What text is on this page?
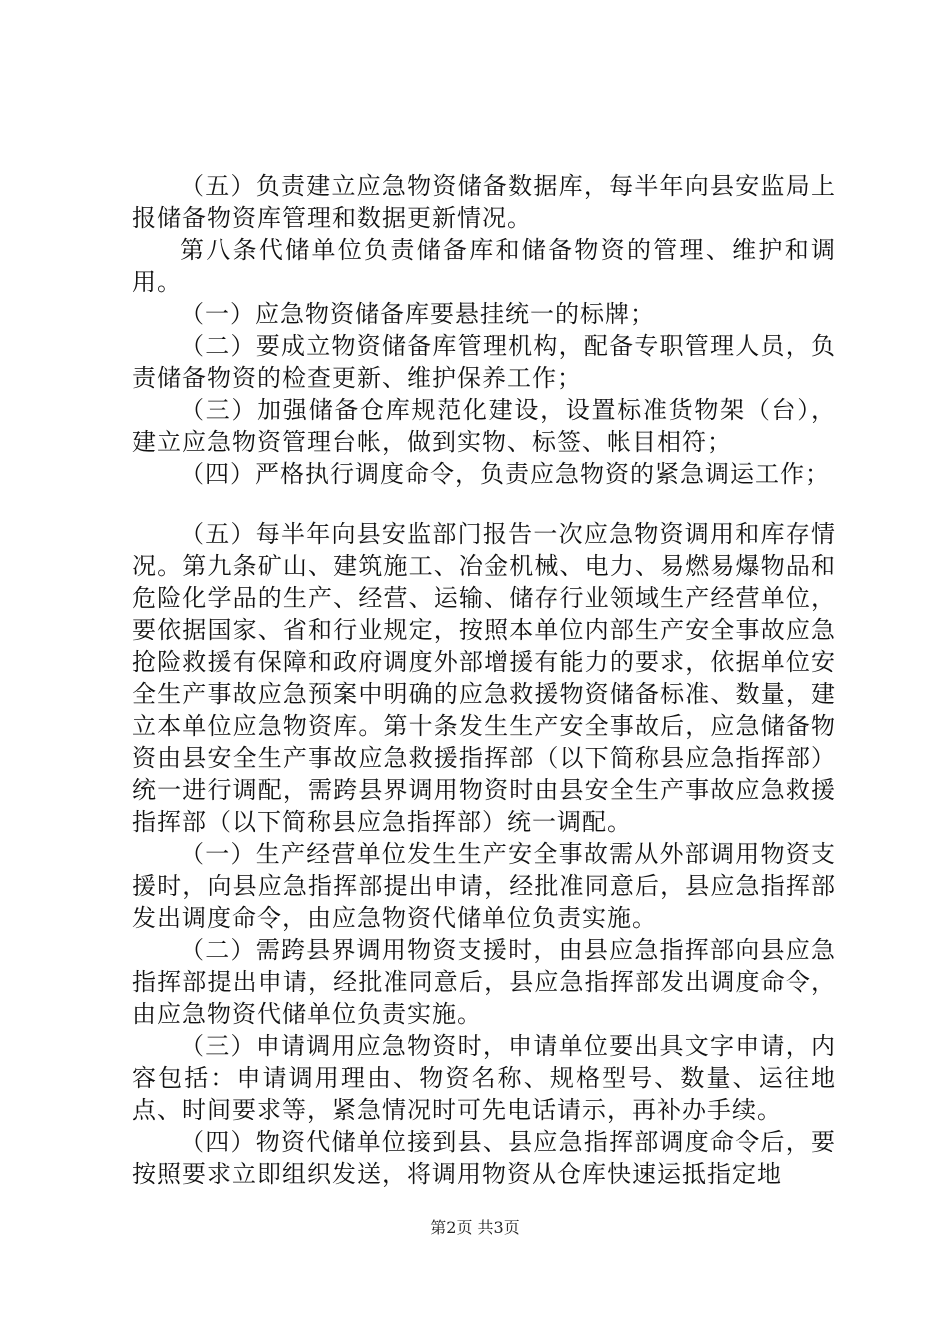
（五）负责建立应急物资储备数据库，每半年向县安监局上报储备物资库管理和数据更新情况。

第八条代储单位负责储备库和储备物资的管理、维护和调用。

（一）应急物资储备库要悬挂统一的标牌；

（二）要成立物资储备库管理机构，配备专职管理人员，负责储备物资的检查更新、维护保养工作；

（三）加强储备仓库规范化建设，设置标准货物架（台），建立应急物资管理台帐，做到实物、标签、帐目相符；

（四）严格执行调度命令，负责应急物资的紧急调运工作；

（五）每半年向县安监部门报告一次应急物资调用和库存情况。第九条矿山、建筑施工、冶金机械、电力、易燃易爆物品和危险化学品的生产、经营、运输、储存行业领域生产经营单位，要依据国家、省和行业规定，按照本单位内部生产安全事故应急抢险救援有保障和政府调度外部增援有能力的要求，依据单位安全生产事故应急预案中明确的应急救援物资储备标准、数量，建立本单位应急物资库。第十条发生生产安全事故后，应急储备物资由县安全生产事故应急救援指挥部（以下简称县应急指挥部）统一进行调配，需跨县界调用物资时由县安全生产事故应急救援指挥部（以下简称县应急指挥部）统一调配。

（一）生产经营单位发生生产安全事故需从外部调用物资支援时，向县应急指挥部提出申请，经批准同意后，县应急指挥部发出调度命令，由应急物资代储单位负责实施。

（二）需跨县界调用物资支援时，由县应急指挥部向县应急指挥部提出申请，经批准同意后，县应急指挥部发出调度命令，由应急物资代储单位负责实施。

（三）申请调用应急物资时，申请单位要出具文字申请，内容包括：申请调用理由、物资名称、规格型号、数量、运往地点、时间要求等，紧急情况时可先电话请示，再补办手续。

（四）物资代储单位接到县、县应急指挥部调度命令后，要按照要求立即组织发送，将调用物资从仓库快速运抵指定地

第2页 共3页
